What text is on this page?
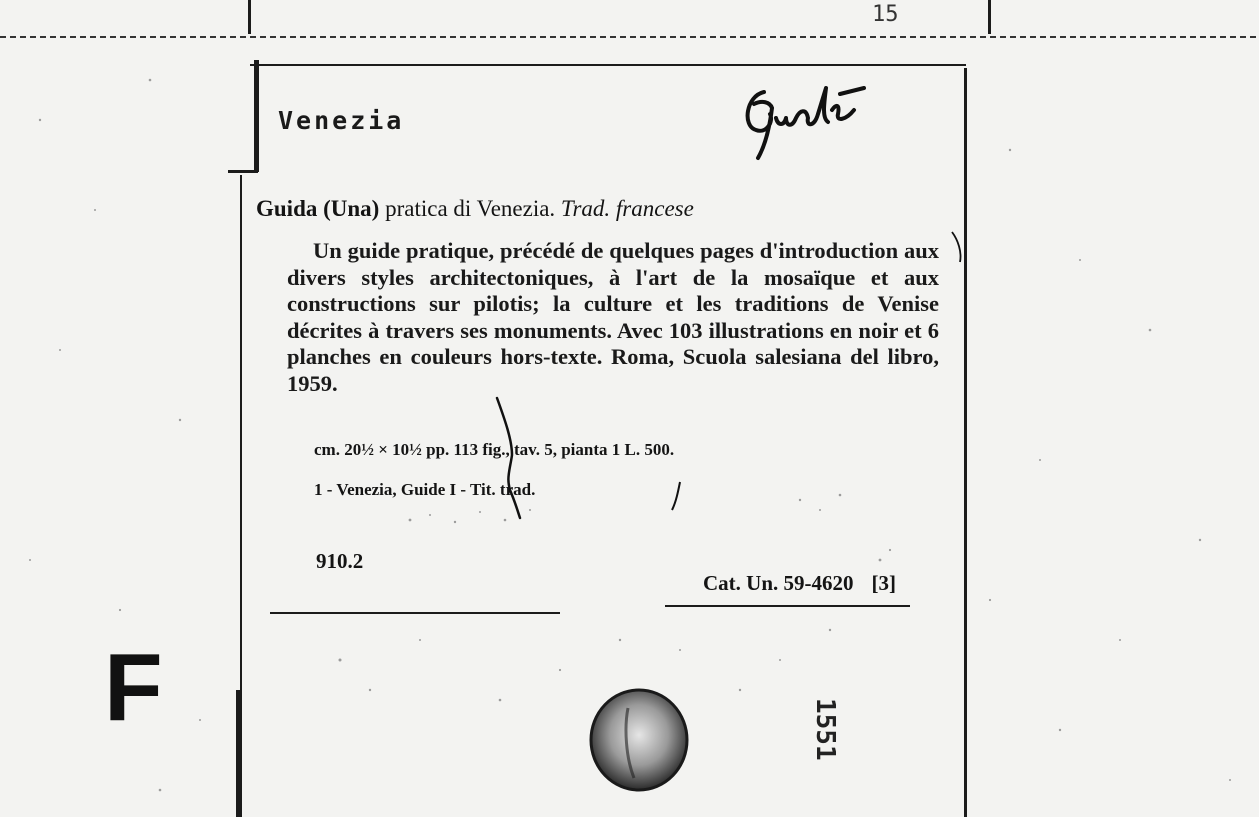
Venezia
Guida (Una) pratica di Venezia. Trad. francese
Un guide pratique, précédé de quelques pages d'introduction aux divers styles architectoniques, à l'art de la mosaïque et aux constructions sur pilotis; la culture et les traditions de Venise décrites à travers ses monuments. Avec 103 illustrations en noir et 6 planches en couleurs hors-texte. Roma, Scuola salesiana del libro, 1959.
cm. 20½ × 10½ pp. 113 fig., tav. 5, pianta 1 L. 500.
1 - Venezia, Guide I - Tit. trad.
910.2
Cat. Un. 59-4620 [3]
F	1551
15
